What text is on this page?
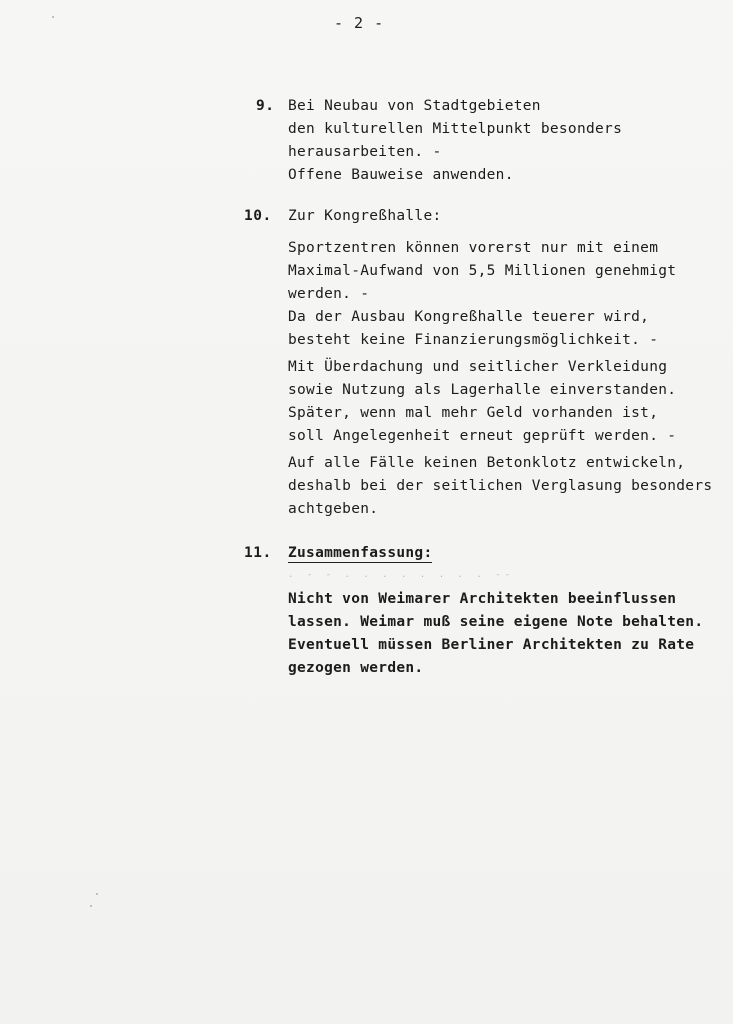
- 2 -
9. Bei Neubau von Stadtgebieten
den kulturellen Mittelpunkt besonders
herausarbeiten. -
Offene Bauweise anwenden.
10. Zur Kongreßhalle:
Sportzentren können vorerst nur mit einem
Maximal-Aufwand von 5,5 Millionen genehmigt
werden. -
Da der Ausbau Kongreßhalle teuerer wird,
besteht keine Finanzierungsmöglichkeit. -
Mit Überdachung und seitlicher Verkleidung
sowie Nutzung als Lagerhalle einverstanden.
Später, wenn mal mehr Geld vorhanden ist,
soll Angelegenheit erneut geprüft werden. -
Auf alle Fälle keinen Betonklotz entwickeln,
deshalb bei der seitlichen Verglasung besonders
achtgeben.
11. Zusammenfassung:
. - - . . . . . . . . --
Nicht von Weimarer Architekten beeinflussen
lassen. Weimar muß seine eigene Note behalten.
Eventuell müssen Berliner Architekten zu Rate
gezogen werden.
